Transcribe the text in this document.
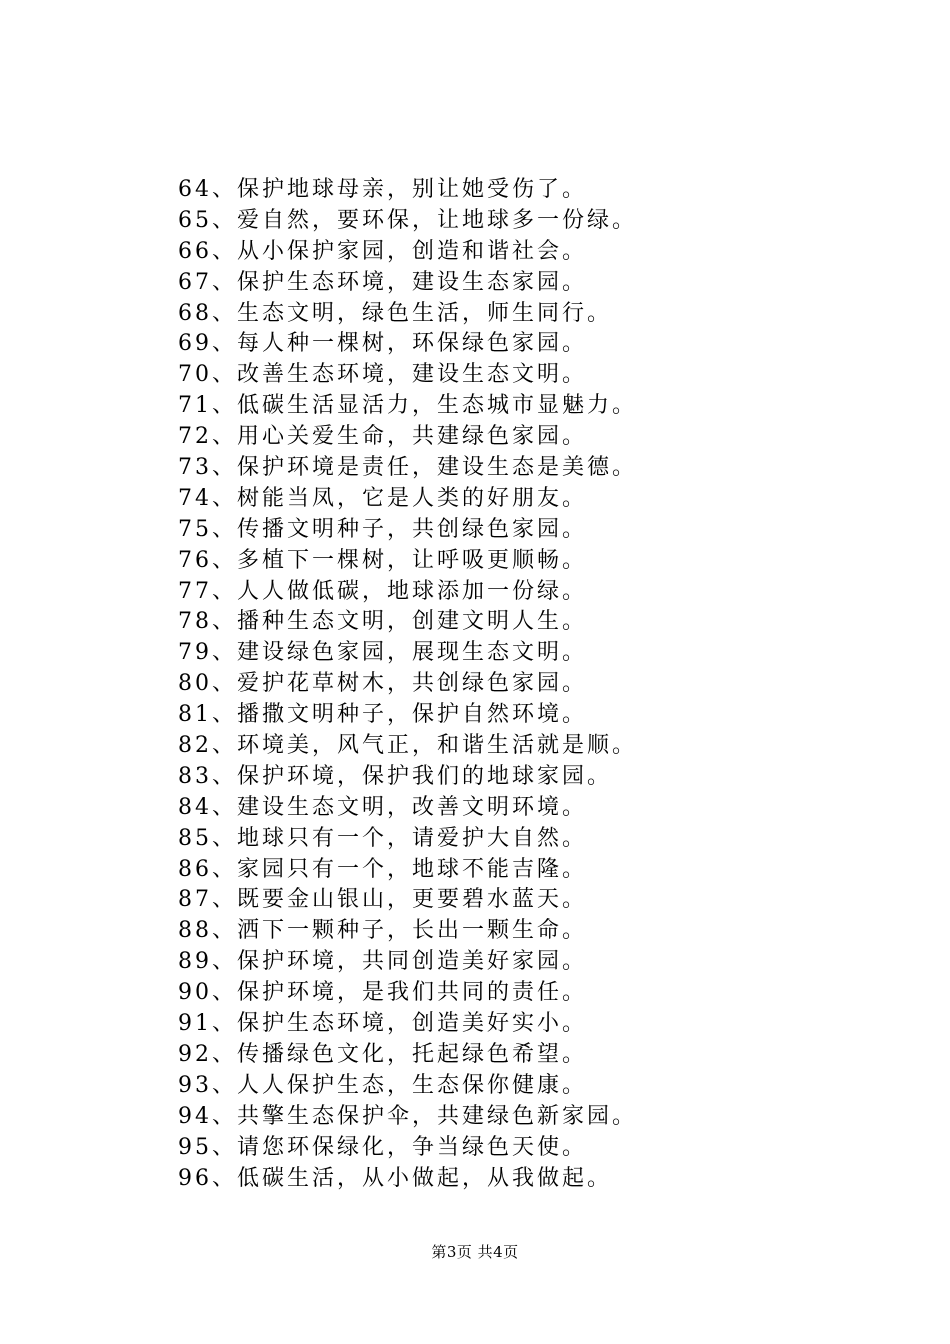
64、保护地球母亲，别让她受伤了。
65、爱自然，要环保，让地球多一份绿。
66、从小保护家园，创造和谐社会。
67、保护生态环境，建设生态家园。
68、生态文明，绿色生活，师生同行。
69、每人种一棵树，环保绿色家园。
70、改善生态环境，建设生态文明。
71、低碳生活显活力，生态城市显魅力。
72、用心关爱生命，共建绿色家园。
73、保护环境是责任，建设生态是美德。
74、树能当凤，它是人类的好朋友。
75、传播文明种子，共创绿色家园。
76、多植下一棵树，让呼吸更顺畅。
77、人人做低碳，地球添加一份绿。
78、播种生态文明，创建文明人生。
79、建设绿色家园，展现生态文明。
80、爱护花草树木，共创绿色家园。
81、播撒文明种子，保护自然环境。
82、环境美，风气正，和谐生活就是顺。
83、保护环境，保护我们的地球家园。
84、建设生态文明，改善文明环境。
85、地球只有一个，请爱护大自然。
86、家园只有一个，地球不能吉隆。
87、既要金山银山，更要碧水蓝天。
88、洒下一颗种子，长出一颗生命。
89、保护环境，共同创造美好家园。
90、保护环境，是我们共同的责任。
91、保护生态环境，创造美好实小。
92、传播绿色文化，托起绿色希望。
93、人人保护生态，生态保你健康。
94、共擎生态保护伞，共建绿色新家园。
95、请您环保绿化，争当绿色天使。
96、低碳生活，从小做起，从我做起。
第3页 共4页
